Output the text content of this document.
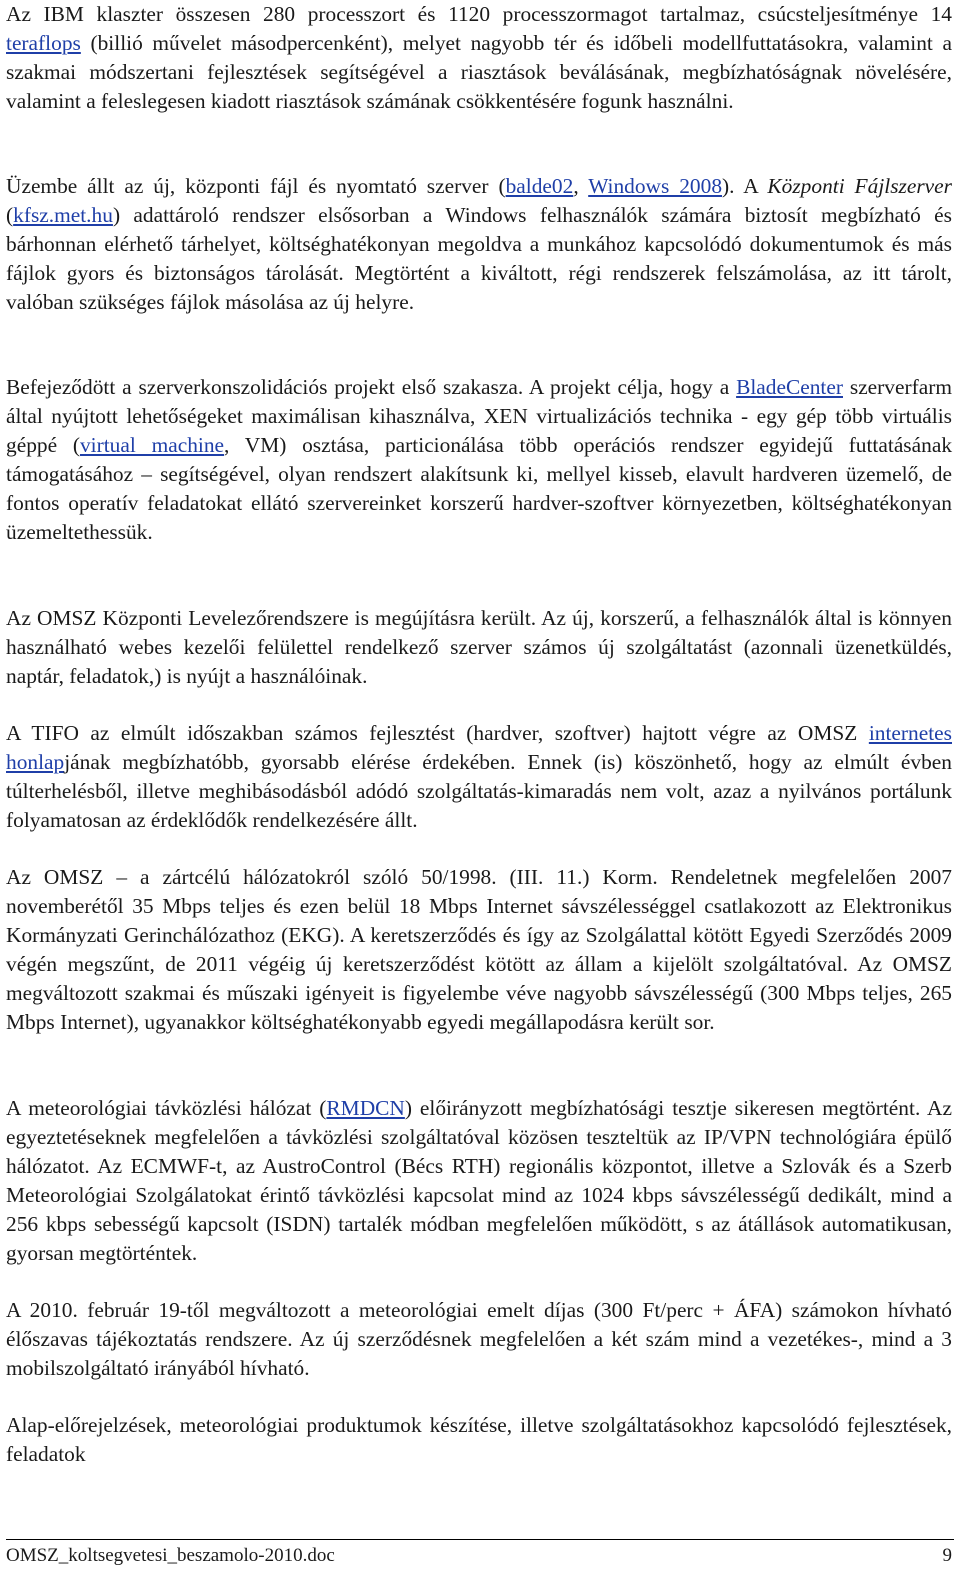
Az IBM klaszter összesen 280 processzort és 1120 processzormagot tartalmaz, csúcsteljesítménye 14 teraflops (billió művelet másodpercenként), melyet nagyobb tér és időbeli modellfuttatásokra, valamint a szakmai módszertani fejlesztések segítségével a riasztások beválásának, megbízhatóságnak növelésére, valamint a feleslegesen kiadott riasztások számának csökkentésére fogunk használni.

Üzembe állt az új, központi fájl és nyomtató szerver (balde02, Windows 2008). A Központi Fájlszerver (kfsz.met.hu) adattároló rendszer elsősorban a Windows felhasználók számára biztosít megbízható és bárhonnan elérhető tárhelyet, költséghatékonyan megoldva a munkához kapcsolódó dokumentumok és más fájlok gyors és biztonságos tárolását. Megtörtént a kiváltott, régi rendszerek felszámolása, az itt tárolt, valóban szükséges fájlok másolása az új helyre.

Befejeződött a szerverkonszolidációs projekt első szakasza. A projekt célja, hogy a BladeCenter szerverfarm által nyújtott lehetőségeket maximálisan kihasználva, XEN virtualizációs technika - egy gép több virtuális géppé (virtual machine, VM) osztása, particionálása több operációs rendszer egyidejű futtatásának támogatásához – segítségével, olyan rendszert alakítsunk ki, mellyel kisseb, elavult hardveren üzemelő, de fontos operatív feladatokat ellátó szervereinket korszerű hardver-szoftver környezetben, költséghatékonyan üzemeltethessük.

Az OMSZ Központi Levelezőrendszere is megújításra került. Az új, korszerű, a felhasználók által is könnyen használható webes kezelői felülettel rendelkező szerver számos új szolgáltatást (azonnali üzenetküldés, naptár, feladatok,) is nyújt a használóinak.

A TIFO az elmúlt időszakban számos fejlesztést (hardver, szoftver) hajtott végre az OMSZ internetes honlapjának megbízhatóbb, gyorsabb elérése érdekében. Ennek (is) köszönhető, hogy az elmúlt évben túlterhelésből, illetve meghibásodásból adódó szolgáltatás-kimaradás nem volt, azaz a nyilvános portálunk folyamatosan az érdeklődők rendelkezésére állt.

Az OMSZ – a zártcélú hálózatokról szóló 50/1998. (III. 11.) Korm. Rendeletnek megfelelően 2007 novemberétől 35 Mbps teljes és ezen belül 18 Mbps Internet sávszélességgel csatlakozott az Elektronikus Kormányzati Gerinchálózathoz (EKG). A keretszerződés és így az Szolgálattal kötött Egyedi Szerződés 2009 végén megszűnt, de 2011 végéig új keretszerződést kötött az állam a kijelölt szolgáltatóval. Az OMSZ megváltozott szakmai és műszaki igényeit is figyelembe véve nagyobb sávszélességű (300 Mbps teljes, 265 Mbps Internet), ugyanakkor költséghatékonyabb egyedi megállapodásra került sor.

A meteorológiai távközlési hálózat (RMDCN) előirányzott megbízhatósági tesztje sikeresen megtörtént. Az egyeztetéseknek megfelelően a távközlési szolgáltatóval közösen teszteltük az IP/VPN technológiára épülő hálózatot. Az ECMWF-t, az AustroControl (Bécs RTH) regionális központot, illetve a Szlovák és a Szerb Meteorológiai Szolgálatokat érintő távközlési kapcsolat mind az 1024 kbps sávszélességű dedikált, mind a 256 kbps sebességű kapcsolt (ISDN) tartalék módban megfelelően működött, s az átállások automatikusan, gyorsan megtörténtek.

A 2010. február 19-től megváltozott a meteorológiai emelt díjas (300 Ft/perc + ÁFA) számokon hívható élőszavas tájékoztatás rendszere. Az új szerződésnek megfelelően a két szám mind a vezetékes-, mind a 3 mobilszolgáltató irányából hívható.

Alap-előrejelzések, meteorológiai produktumok készítése, illetve szolgáltatásokhoz kapcsolódó fejlesztések, feladatok

OMSZ_koltsegvetesi_beszamolo-2010.doc	9
